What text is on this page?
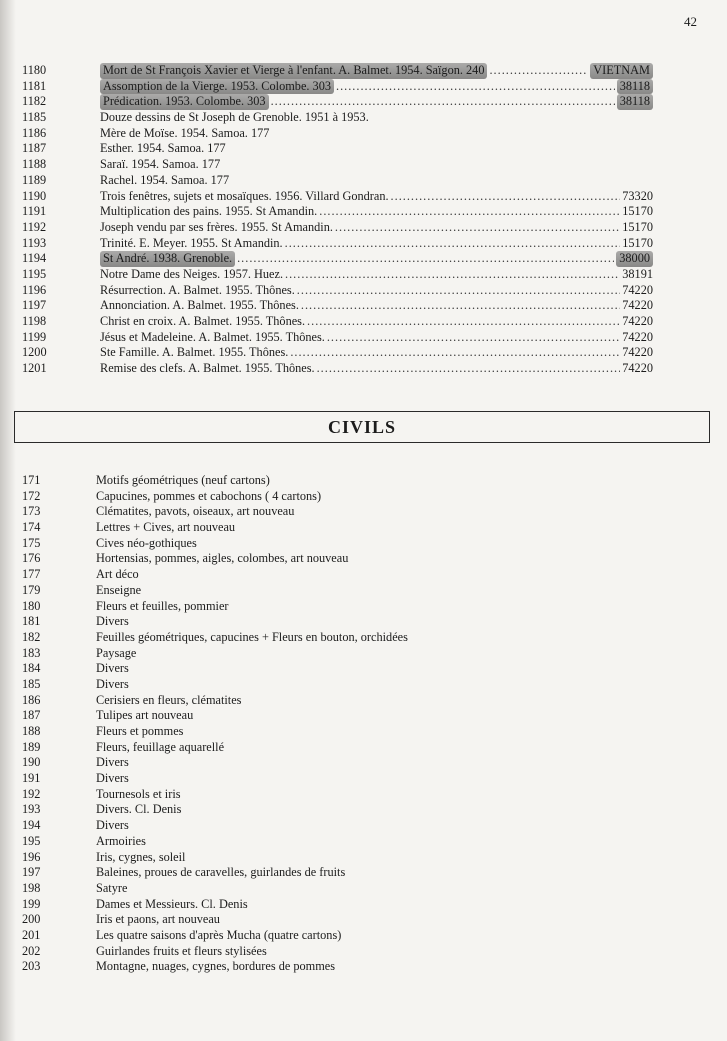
42
1180	Mort de St François Xavier et Vierge à l'enfant. A. Balmet. 1954. Saïgon. 240 .....	VIETNAM
1181	Assomption de la Vierge. 1953. Colombe. 303 .....	38118
1182	Prédication. 1953. Colombe. 303 .....	38118
1185	Douze dessins de St Joseph de Grenoble. 1951 à 1953.
1186	Mère de Moïse. 1954. Samoa. 177
1187	Esther. 1954. Samoa. 177
1188	Saraï. 1954. Samoa. 177
1189	Rachel. 1954. Samoa. 177
1190	Trois fenêtres, sujets et mosaïques. 1956. Villard Gondran. .....	73320
1191	Multiplication des pains. 1955. St Amandin. .....	15170
1192	Joseph vendu par ses frères. 1955. St Amandin. .....	15170
1193	Trinité. E. Meyer. 1955. St Amandin. .....	15170
1194	St André. 1938. Grenoble. .....	38000
1195	Notre Dame des Neiges. 1957. Huez. .....	38191
1196	Résurrection. A. Balmet. 1955. Thônes. .....	74220
1197	Annonciation. A. Balmet. 1955. Thônes. .....	74220
1198	Christ en croix. A. Balmet. 1955. Thônes. .....	74220
1199	Jésus et Madeleine. A. Balmet. 1955. Thônes. .....	74220
1200	Ste Famille. A. Balmet. 1955. Thônes. .....	74220
1201	Remise des clefs. A. Balmet. 1955. Thônes. .....	74220
CIVILS
171	Motifs géométriques (neuf cartons)
172	Capucines, pommes et cabochons ( 4 cartons)
173	Clématites, pavots, oiseaux, art nouveau
174	Lettres + Cives, art nouveau
175	Cives néo-gothiques
176	Hortensias, pommes, aigles, colombes, art nouveau
177	Art déco
179	Enseigne
180	Fleurs et feuilles, pommier
181	Divers
182	Feuilles géométriques, capucines + Fleurs en bouton, orchidées
183	Paysage
184	Divers
185	Divers
186	Cerisiers en fleurs, clématites
187	Tulipes art nouveau
188	Fleurs et pommes
189	Fleurs, feuillage aquarellé
190	Divers
191	Divers
192	Tournesols et iris
193	Divers. Cl. Denis
194	Divers
195	Armoiries
196	Iris, cygnes, soleil
197	Baleines, proues de caravelles, guirlandes de fruits
198	Satyre
199	Dames et Messieurs. Cl. Denis
200	Iris et paons, art nouveau
201	Les quatre saisons d'après Mucha (quatre cartons)
202	Guirlandes fruits et fleurs stylisées
203	Montagne, nuages, cygnes, bordures de pommes
